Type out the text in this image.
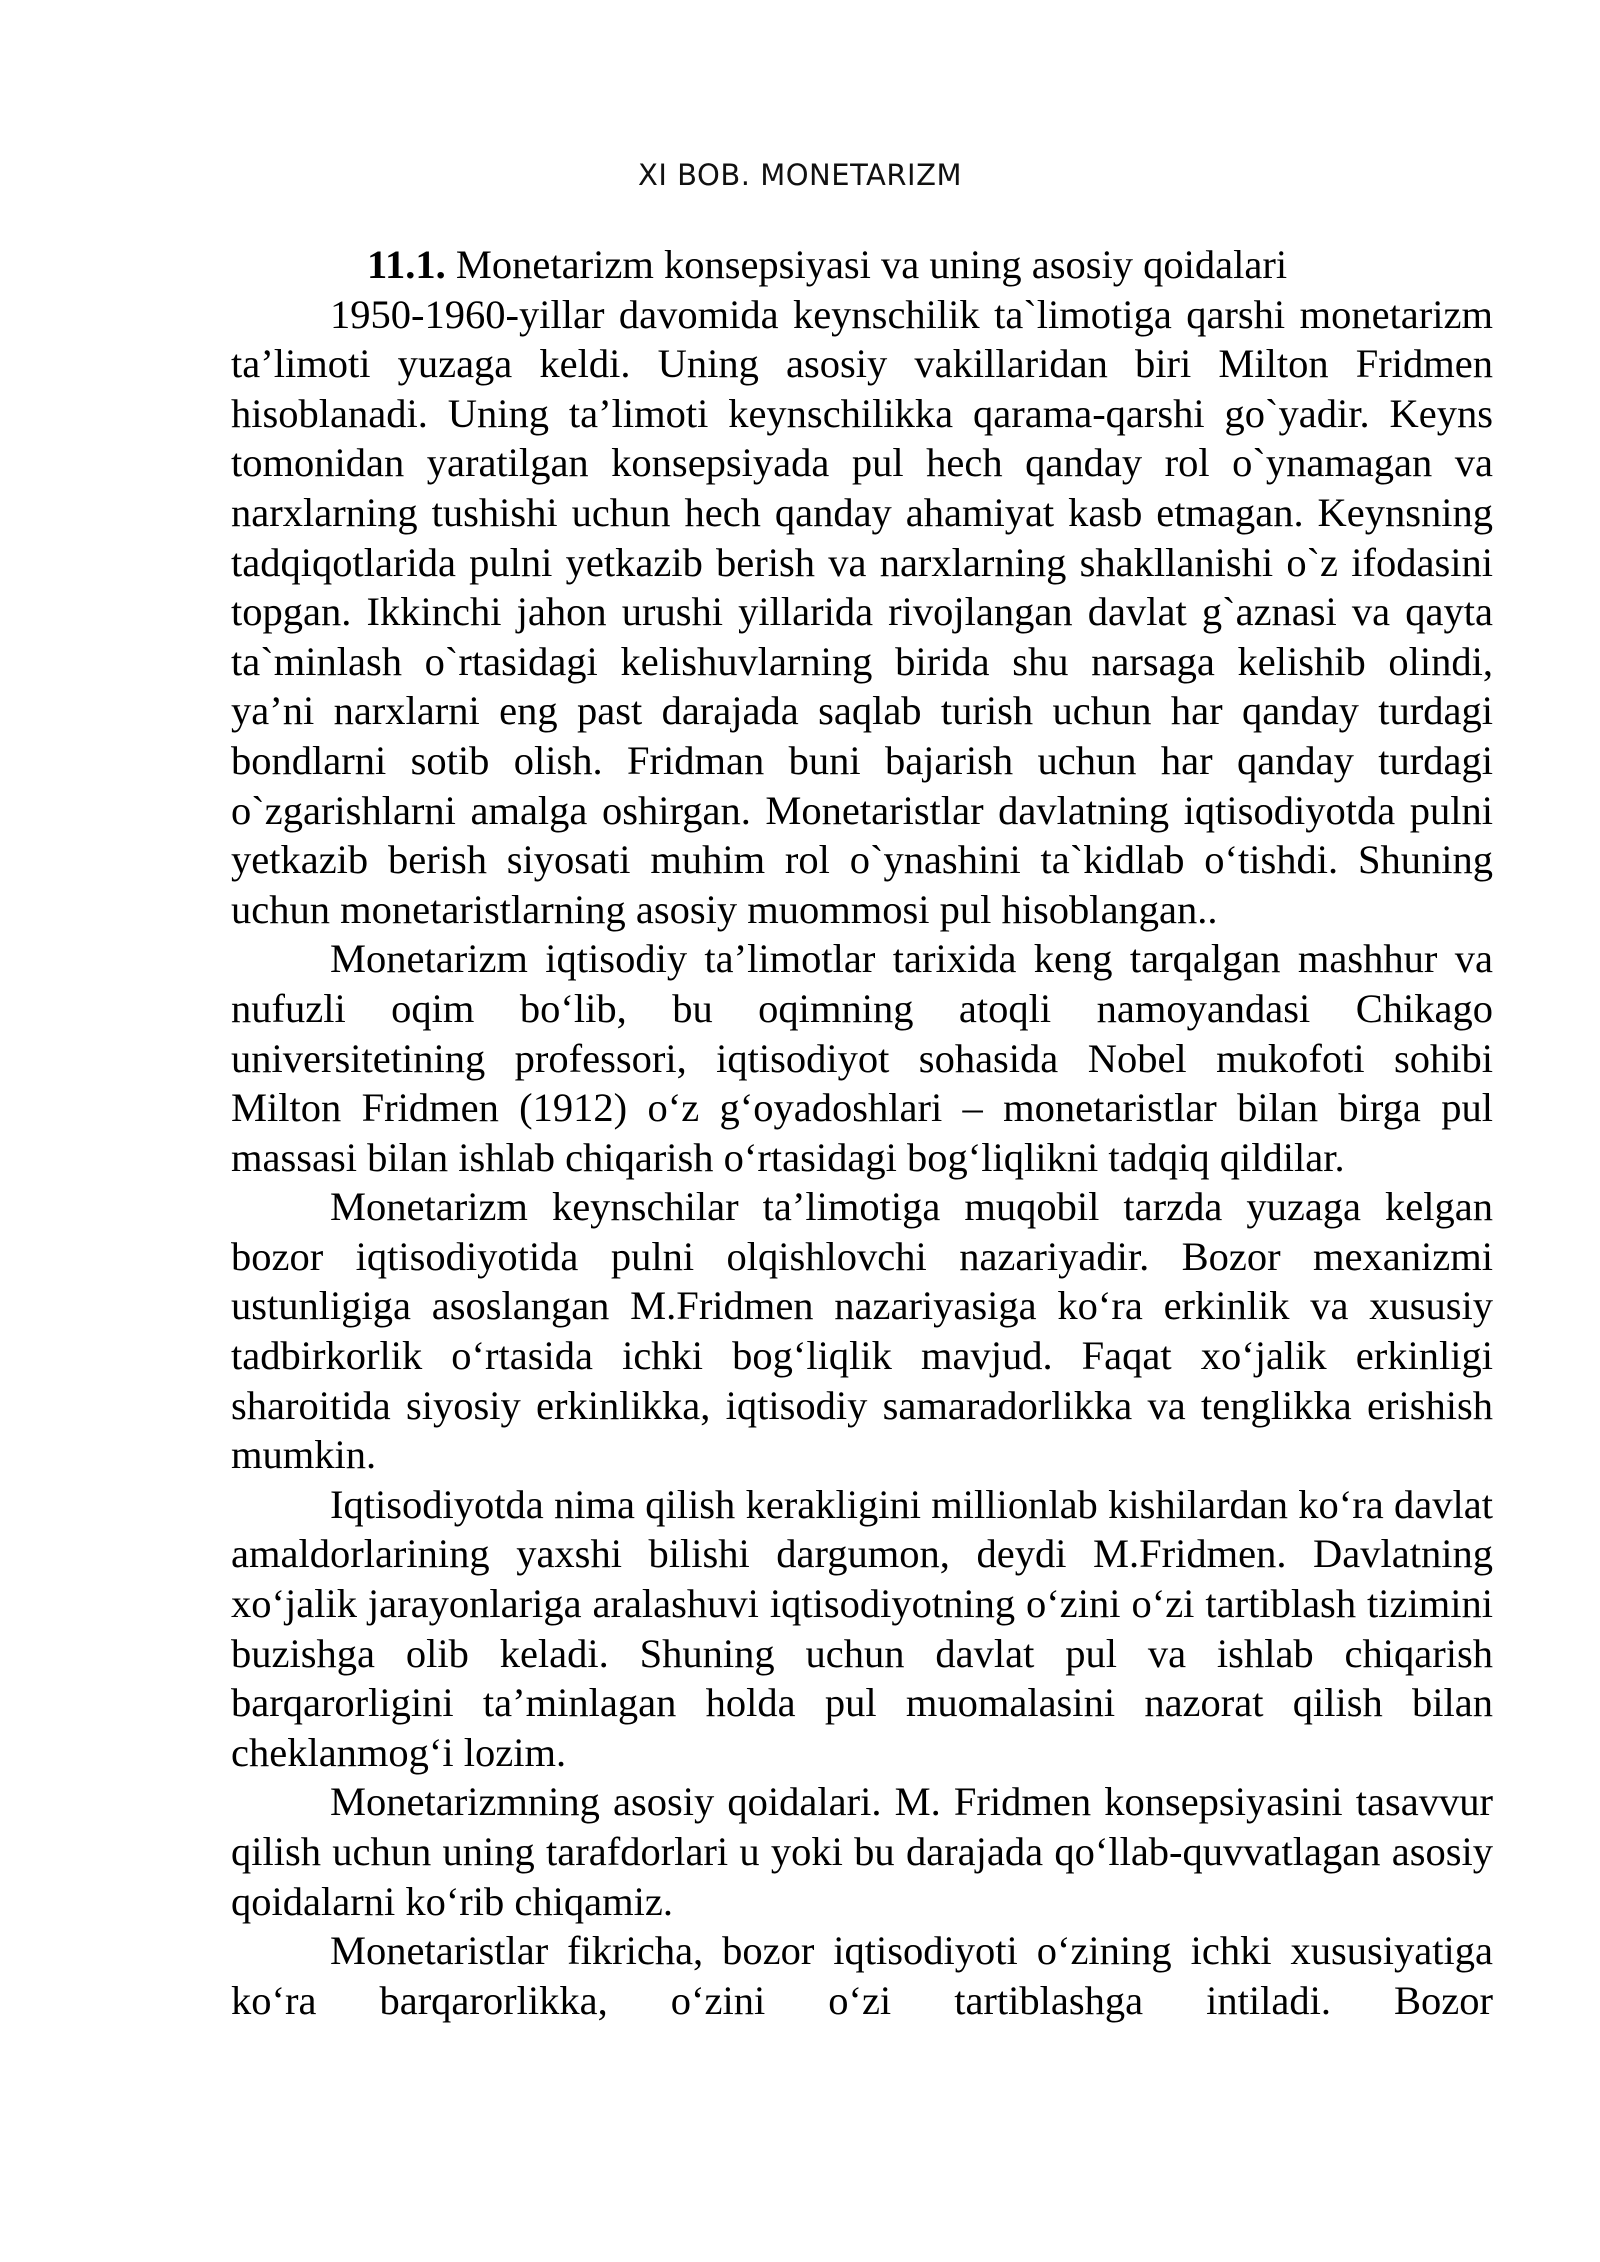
XI BOB. MONETARIZM
11.1. Monetarizm konsepsiyasi va uning asosiy qoidalari

1950-1960-yillar davomida keynschilik ta`limotiga qarshi monetarizm ta’limoti yuzaga keldi. Uning asosiy vakillaridan biri Milton Fridmen hisoblanadi. Uning ta’limoti keynschilikka qarama-qarshi go`yadir. Keyns tomonidan yaratilgan konsepsiyada pul hech qanday rol o`ynamagan va narxlarning tushishi uchun hech qanday ahamiyat kasb etmagan. Keynsning tadqiqotlarida pulni yetkazib berish va narxlarning shakllanishi o`z ifodasini topgan. Ikkinchi jahon urushi yillarida rivojlangan davlat g`aznasi va qayta ta`minlash o`rtasidagi kelishuvlarning birida shu narsaga kelishib olindi, ya’ni narxlarni eng past darajada saqlab turish uchun har qanday turdagi bondlarni sotib olish. Fridman buni bajarish uchun har qanday turdagi o`zgarishlarni amalga oshirgan. Monetaristlar davlatning iqtisodiyotda pulni yetkazib berish siyosati muhim rol o`ynashini ta`kidlab o‘tishdi. Shuning uchun monetaristlarning asosiy muommosi pul hisoblangan..

Monetarizm iqtisodiy ta’limotlar tarixida keng tarqalgan mashhur va nufuzli oqim bo‘lib, bu oqimning atoqli namoyandasi Chikago universitetining professori, iqtisodiyot sohasida Nobel mukofoti sohibi Milton Fridmen (1912) o‘z g‘oyadoshlari – monetaristlar bilan birga pul massasi bilan ishlab chiqarish o‘rtasidagi bog‘liqlikni tadqiq qildilar.

Monetarizm keynschilar ta’limotiga muqobil tarzda yuzaga kelgan bozor iqtisodiyotida pulni olqishlovchi nazariyadir. Bozor mexanizmi ustunligiga asoslangan M.Fridmen nazariyasiga ko‘ra erkinlik va xususiy tadbirkorlik o‘rtasida ichki bog‘liqlik mavjud. Faqat xo‘jalik erkinligi sharoitida siyosiy erkinlikka, iqtisodiy samaradorlikka va tenglikka erishish mumkin.

Iqtisodiyotda nima qilish kerakligini millionlab kishilardan ko‘ra davlat amaldorlarining yaxshi bilishi dargumon, deydi M.Fridmen. Davlatning xo‘jalik jarayonlariga aralashuvi iqtisodiyotning o‘zini o‘zi tartiblash tizimini buzishga olib keladi. Shuning uchun davlat pul va ishlab chiqarish barqarorligini ta’minlagan holda pul muomalasini nazorat qilish bilan cheklanmog‘i lozim.

Monetarizmning asosiy qoidalari. M. Fridmen konsepsiyasini tasavvur qilish uchun uning tarafdorlari u yoki bu darajada qo‘llab-quvvatlagan asosiy qoidalarni ko‘rib chiqamiz.

Monetaristlar fikricha, bozor iqtisodiyoti o‘zining ichki xususiyatiga ko‘ra barqarorlikka, o‘zini o‘zi tartiblashga intiladi. Bozor
